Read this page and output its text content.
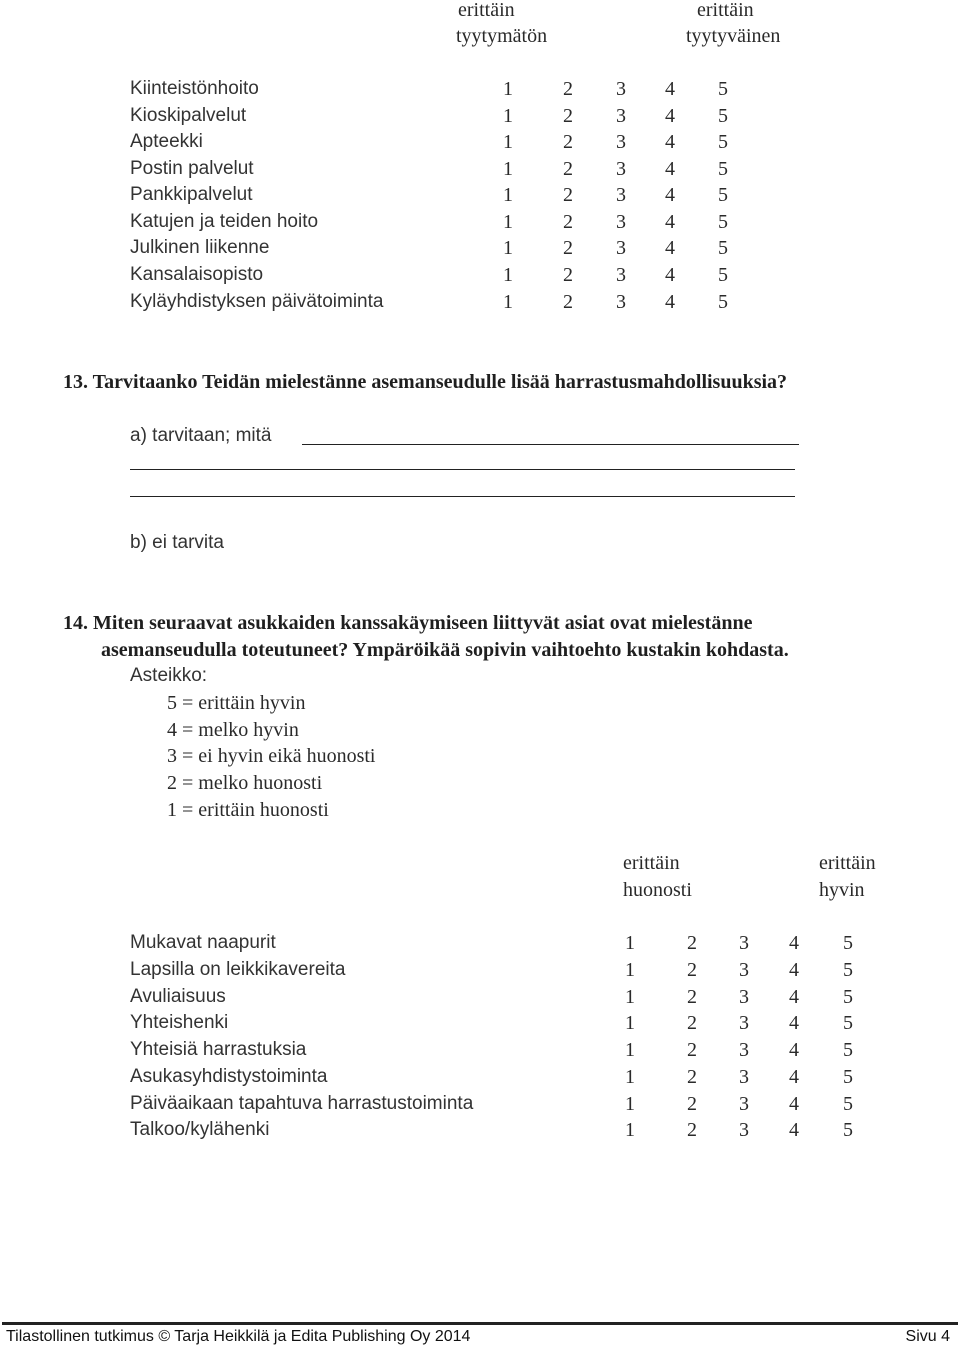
erittäin
tyytymätön
erittäin
tyytyväinen
Kiinteistönhoito	1	2 3 4 5
Kioskipalvelut	1	2 3 4 5
Apteekki	1	2 3 4 5
Postin palvelut	1	2 3 4 5
Pankkipalvelut	1	2 3 4 5
Katujen ja teiden hoito	1	2 3 4 5
Julkinen liikenne	1	2 3 4 5
Kansalaisopisto	1	2 3 4 5
Kyläyhdistyksen päivätoiminta	1	2 3 4 5
13. Tarvitaanko Teidän mielestänne asemanseudulle lisää harrastusmahdollisuuksia?
a) tarvitaan; mitä
b) ei tarvita
14. Miten seuraavat asukkaiden kanssakäymiseen liittyvät asiat ovat mielestänne
asemanseudulla toteutuneet? Ympäröikää sopivin vaihtoehto kustakin kohdasta.
Asteikko:
5 = erittäin hyvin
4 = melko hyvin
3 = ei hyvin eikä huonosti
2 = melko huonosti
1 = erittäin huonosti
erittäin
huonosti
erittäin
hyvin
Mukavat naapurit	1	2 3 4 5
Lapsilla on leikkikavereita	1	2 3 4 5
Avuliaisuus	1	2 3 4 5
Yhteishenki	1	2 3 4 5
Yhteisiä harrastuksia	1	2 3 4 5
Asukasyhdistystoiminta	1	2 3 4 5
Päiväaikaan tapahtuva harrastustoiminta	1	2 3 4 5
Talkoo/kylähenki	1	2 3 4 5
Tilastollinen tutkimus © Tarja Heikkilä ja Edita Publishing Oy 2014	Sivu 4
